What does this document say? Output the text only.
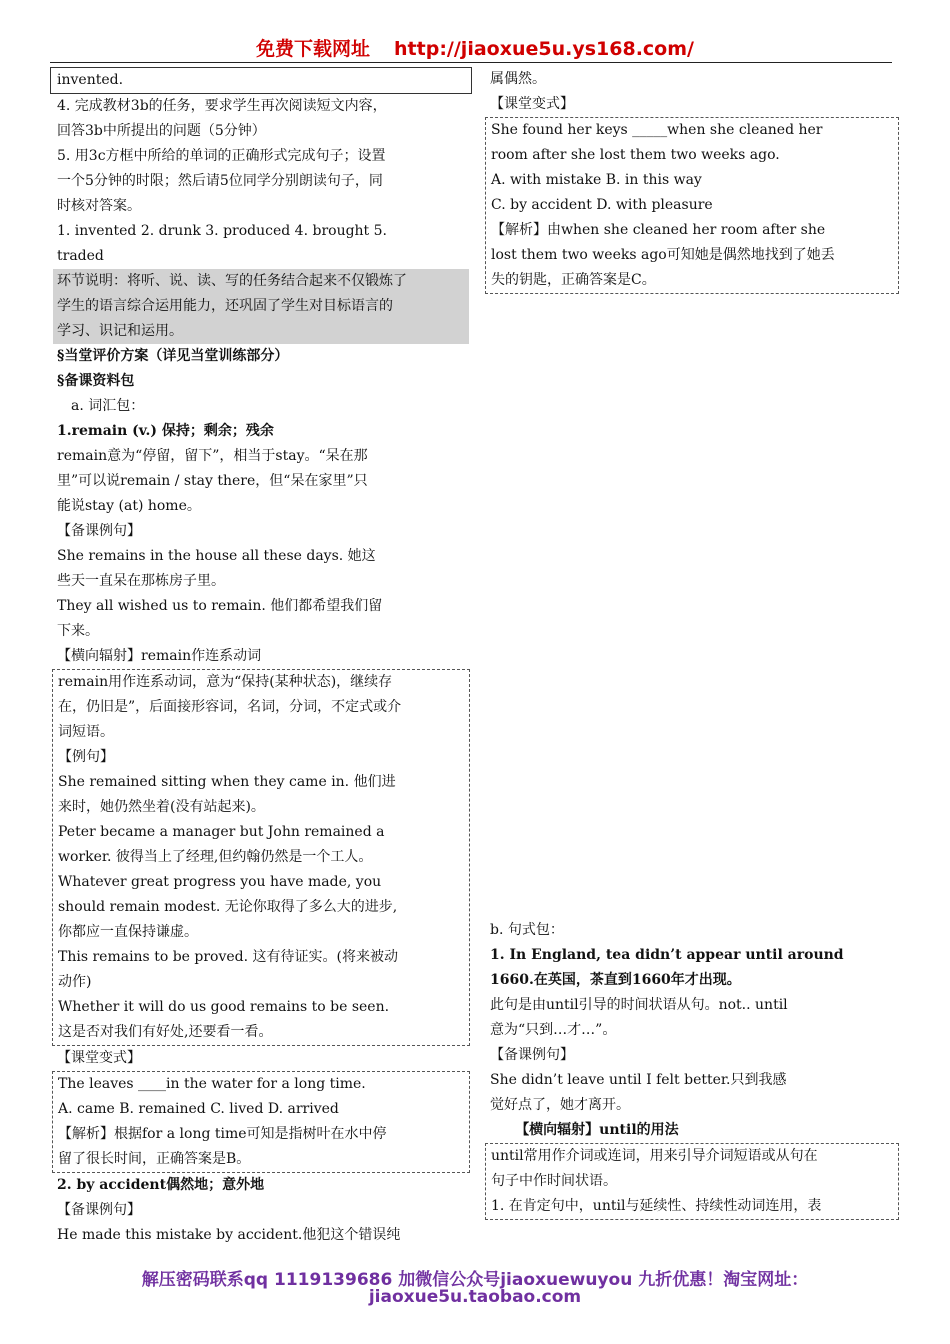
免费下载网址 http://jiaoxue5u.ys168.com/

invented.

4. 完成教材3b的任务，要求学生再次阅读短文内容，

回答3b中所提出的问题（5分钟）

5. 用3c方框中所给的单词的正确形式完成句子；设置

一个5分钟的时限；然后请5位同学分别朗读句子，同

时核对答案。

1. invented 2. drunk 3. produced 4. brought 5.

traded

环节说明：将听、说、读、写的任务结合起来不仅锻炼了

学生的语言综合运用能力，还巩固了学生对目标语言的

学习、识记和运用。

§当堂评价方案（详见当堂训练部分）

§备课资料包

a. 词汇包：

1.remain (v.) 保持；剩余；残余

remain意为“停留，留下”，相当于stay。“呆在那

里”可以说remain / stay there，但“呆在家里”只

能说stay (at) home。

【备课例句】

She remains in the house all these days. 她这

些天一直呆在那栋房子里。

They all wished us to remain. 他们都希望我们留

下来。

【横向辐射】remain作连系动词

remain用作连系动词，意为“保持(某种状态)，继续存

在，仍旧是”，后面接形容词，名词，分词，不定式或介

词短语。

【例句】

She remained sitting when they came in. 他们进

来时，她仍然坐着(没有站起来)。

Peter became a manager but John remained a

worker. 彼得当上了经理,但约翰仍然是一个工人。

Whatever great progress you have made, you

should remain modest. 无论你取得了多么大的进步,

你都应一直保持谦虚。

This remains to be proved. 这有待证实。(将来被动

动作)

Whether it will do us good remains to be seen.

这是否对我们有好处,还要看一看。

【课堂变式】

The leaves ____in the water for a long time.

A. came B. remained C. lived D. arrived

【解析】根据for a long time可知是指树叶在水中停

留了很长时间，正确答案是B。

2. by accident偶然地；意外地

【备课例句】

He made this mistake by accident.他犯这个错误纯

属偶然。

【课堂变式】

She found her keys _____when she cleaned her

room after she lost them two weeks ago.

A. with mistake B. in this way

C. by accident D. with pleasure

【解析】由when she cleaned her room after she

lost them two weeks ago可知她是偶然地找到了她丢

失的钥匙，正确答案是C。

b. 句式包：

1. In England, tea didn’t appear until around

1660.在英国，茶直到1660年才出现。

此句是由until引导的时间状语从句。not.. until

意为“只到…才…”。

【备课例句】

She didn’t leave until I felt better.只到我感

觉好点了，她才离开。

【横向辐射】until的用法

until常用作介词或连词，用来引导介词短语或从句在

句子中作时间状语。

1. 在肯定句中，until与延续性、持续性动词连用，表

解压密码联系qq 1119139686 加微信公众号jiaoxuewuyou 九折优惠！淘宝网址：
jiaoxue5u.taobao.com
